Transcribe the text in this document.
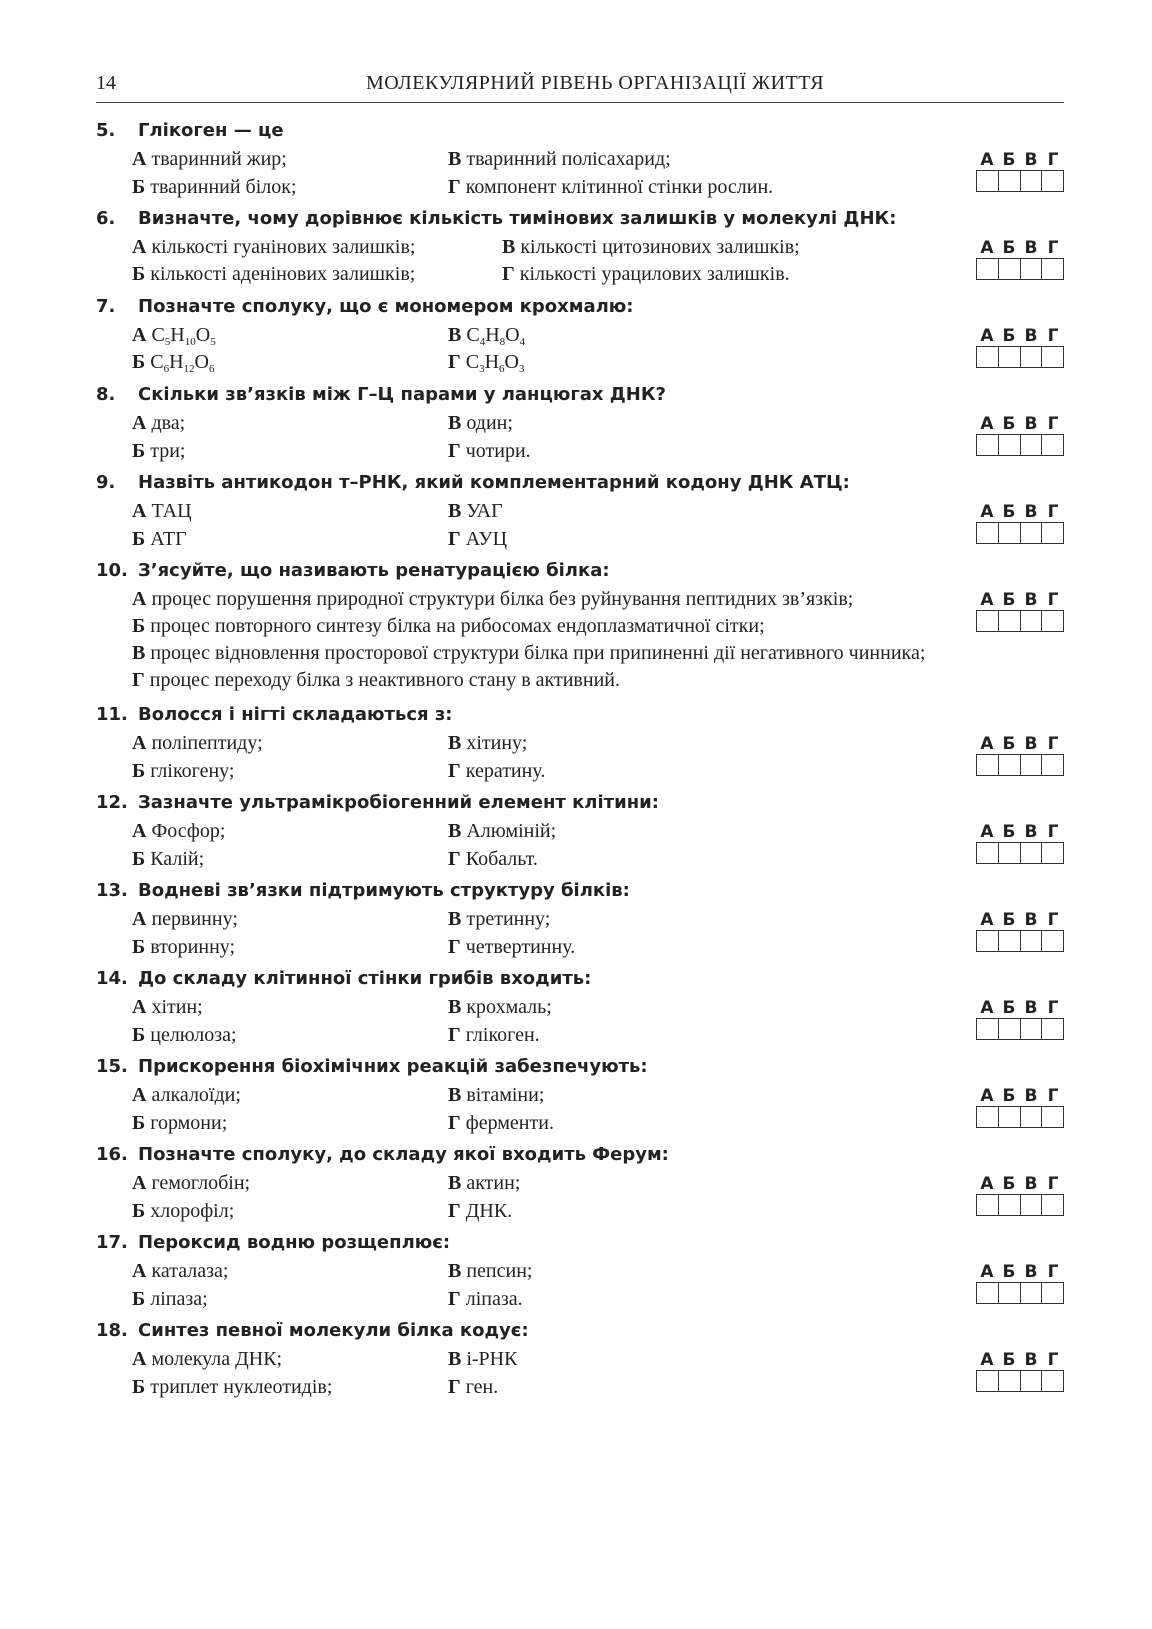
14	МОЛЕКУЛЯРНИЙ РІВЕНЬ ОРГАНІЗАЦІЇ ЖИТТЯ
5. Глікоген — це
А тваринний жир;	В тваринний полісахарид;
Б тваринний білок;	Г компонент клітинної стінки рослин.
А Б В Г
6. Визначте, чому дорівнює кількість тимінових залишків у молекулі ДНК:
А кількості гуанінових залишків;	В кількості цитозинових залишків;
Б кількості аденінових залишків;	Г кількості урацилових залишків.
А Б В Г
7. Позначте сполуку, що є мономером крохмалю:
А $C_5H_{10}O_5$	В $C_4H_8O_4$
Б $C_6H_{12}O_6$	Г $C_3H_6O_3$
А Б В Г
8. Скільки зв’язків між Г–Ц парами у ланцюгах ДНК?
А два;	В один;
Б три;	Г чотири.
А Б В Г
9. Назвіть антикодон т–РНК, який комплементарний кодону ДНК АТЦ:
А ТАЦ	В УАГ
Б АТГ	Г АУЦ
А Б В Г
10. З’ясуйте, що називають ренатурацією білка:
А процес порушення природної структури білка без руйнування пептидних зв’язків;
Б процес повторного синтезу білка на рибосомах ендоплазматичної сітки;
В процес відновлення просторової структури білка при припиненні дії негативного чинника;
Г процес переходу білка з неактивного стану в активний.
А Б В Г
11. Волосся і нігті складаються з:
А поліпептиду;	В хітину;
Б глікогену;	Г кератину.
А Б В Г
12. Зазначте ультрамікробіогенний елемент клітини:
А Фосфор;	В Алюміній;
Б Калій;	Г Кобальт.
А Б В Г
13. Водневі зв’язки підтримують структуру білків:
А первинну;	В третинну;
Б вторинну;	Г четвертинну.
А Б В Г
14. До складу клітинної стінки грибів входить:
А хітин;	В крохмаль;
Б целюлоза;	Г глікоген.
А Б В Г
15. Прискорення біохімічних реакцій забезпечують:
А алкалоїди;	В вітаміни;
Б гормони;	Г ферменти.
А Б В Г
16. Позначте сполуку, до складу якої входить Ферум:
А гемоглобін;	В актин;
Б хлорофіл;	Г ДНК.
А Б В Г
17. Пероксид водню розщеплює:
А каталаза;	В пепсин;
Б ліпаза;	Г ліпаза.
А Б В Г
18. Синтез певної молекули білка кодує:
А молекула ДНК;	В і-РНК
Б триплет нуклеотидів;	Г ген.
А Б В Г
